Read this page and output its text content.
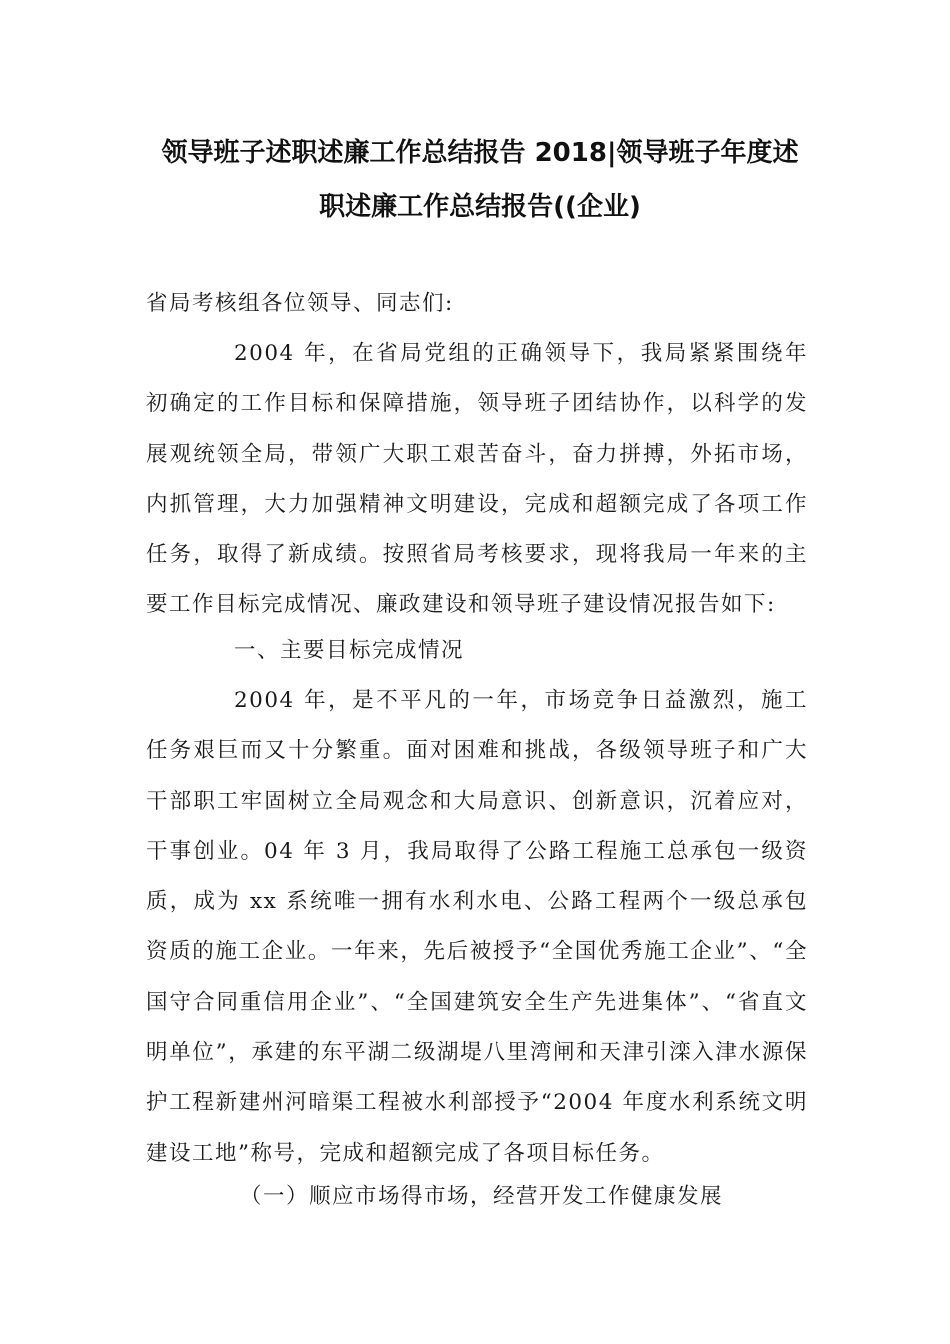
领导班子述职述廉工作总结报告 2018|领导班子年度述
职述廉工作总结报告((企业)

省局考核组各位领导、同志们:

2004 年，在省局党组的正确领导下，我局紧紧围绕年初确定的工作目标和保障措施，领导班子团结协作，以科学的发展观统领全局，带领广大职工艰苦奋斗，奋力拼搏，外拓市场，内抓管理，大力加强精神文明建设，完成和超额完成了各项工作任务，取得了新成绩。按照省局考核要求，现将我局一年来的主要工作目标完成情况、廉政建设和领导班子建设情况报告如下:

一、主要目标完成情况

2004 年，是不平凡的一年，市场竞争日益激烈，施工任务艰巨而又十分繁重。面对困难和挑战，各级领导班子和广大干部职工牢固树立全局观念和大局意识、创新意识，沉着应对，干事创业。04 年 3 月，我局取得了公路工程施工总承包一级资质，成为 xx 系统唯一拥有水利水电、公路工程两个一级总承包资质的施工企业。一年来，先后被授予“全国优秀施工企业”、“全国守合同重信用企业”、“全国建筑安全生产先进集体”、“省直文明单位”，承建的东平湖二级湖堤八里湾闸和天津引滦入津水源保护工程新建州河暗渠工程被水利部授予“2004 年度水利系统文明建设工地”称号，完成和超额完成了各项目标任务。

（一）顺应市场得市场，经营开发工作健康发展
